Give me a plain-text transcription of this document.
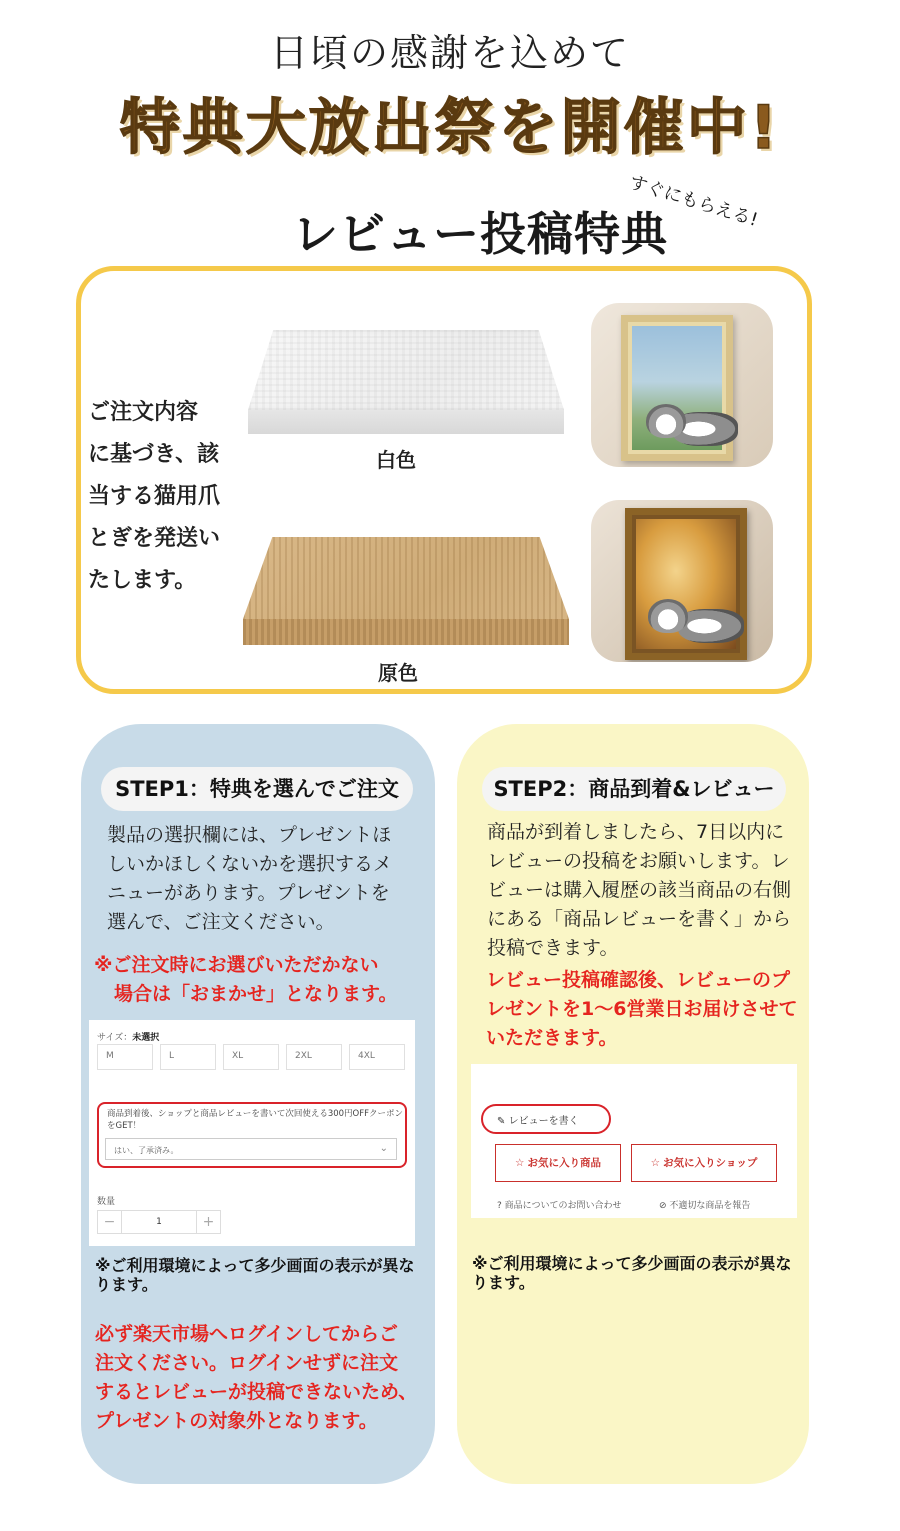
日頃の感謝を込めて
特典大放出祭を開催中!
レビュー投稿特典
すぐにもらえる!
ご注文内容
に基づき、該
当する猫用爪
とぎを発送い
たします。
白色
原色
STEP1：特典を選んでご注文	STEP2：商品到着&レビュー
製品の選択欄には、プレゼントほ
しいかほしくないかを選択するメ
ニューがあります。プレゼントを
選んで、ご注文ください。
※ご注文時にお選びいただかない
場合は「おまかせ」となります。
サイズ：未選択
M	L	XL	2XL	4XL
商品到着後、ショップと商品レビューを書いて次回使える300円OFFクーポンをGET！
はい、了承済み。	⌄
数量
−	1	+
※ご利用環境によって多少画面の表示が異なります。
必ず楽天市場へログインしてからご
注文ください。ログインせずに注文
するとレビューが投稿できないため、
プレゼントの対象外となります。
商品が到着しましたら、7日以内に
レビューの投稿をお願いします。レ
ビューは購入履歴の該当商品の右側
にある「商品レビューを書く」から
投稿できます。
レビュー投稿確認後、レビューのプ
レゼントを1〜6営業日お届けさせて
いただきます。
✎ レビューを書く
☆ お気に入り商品	☆ お気に入りショップ
? 商品についてのお問い合わせ	⊘ 不適切な商品を報告
※ご利用環境によって多少画面の表示が異なります。
